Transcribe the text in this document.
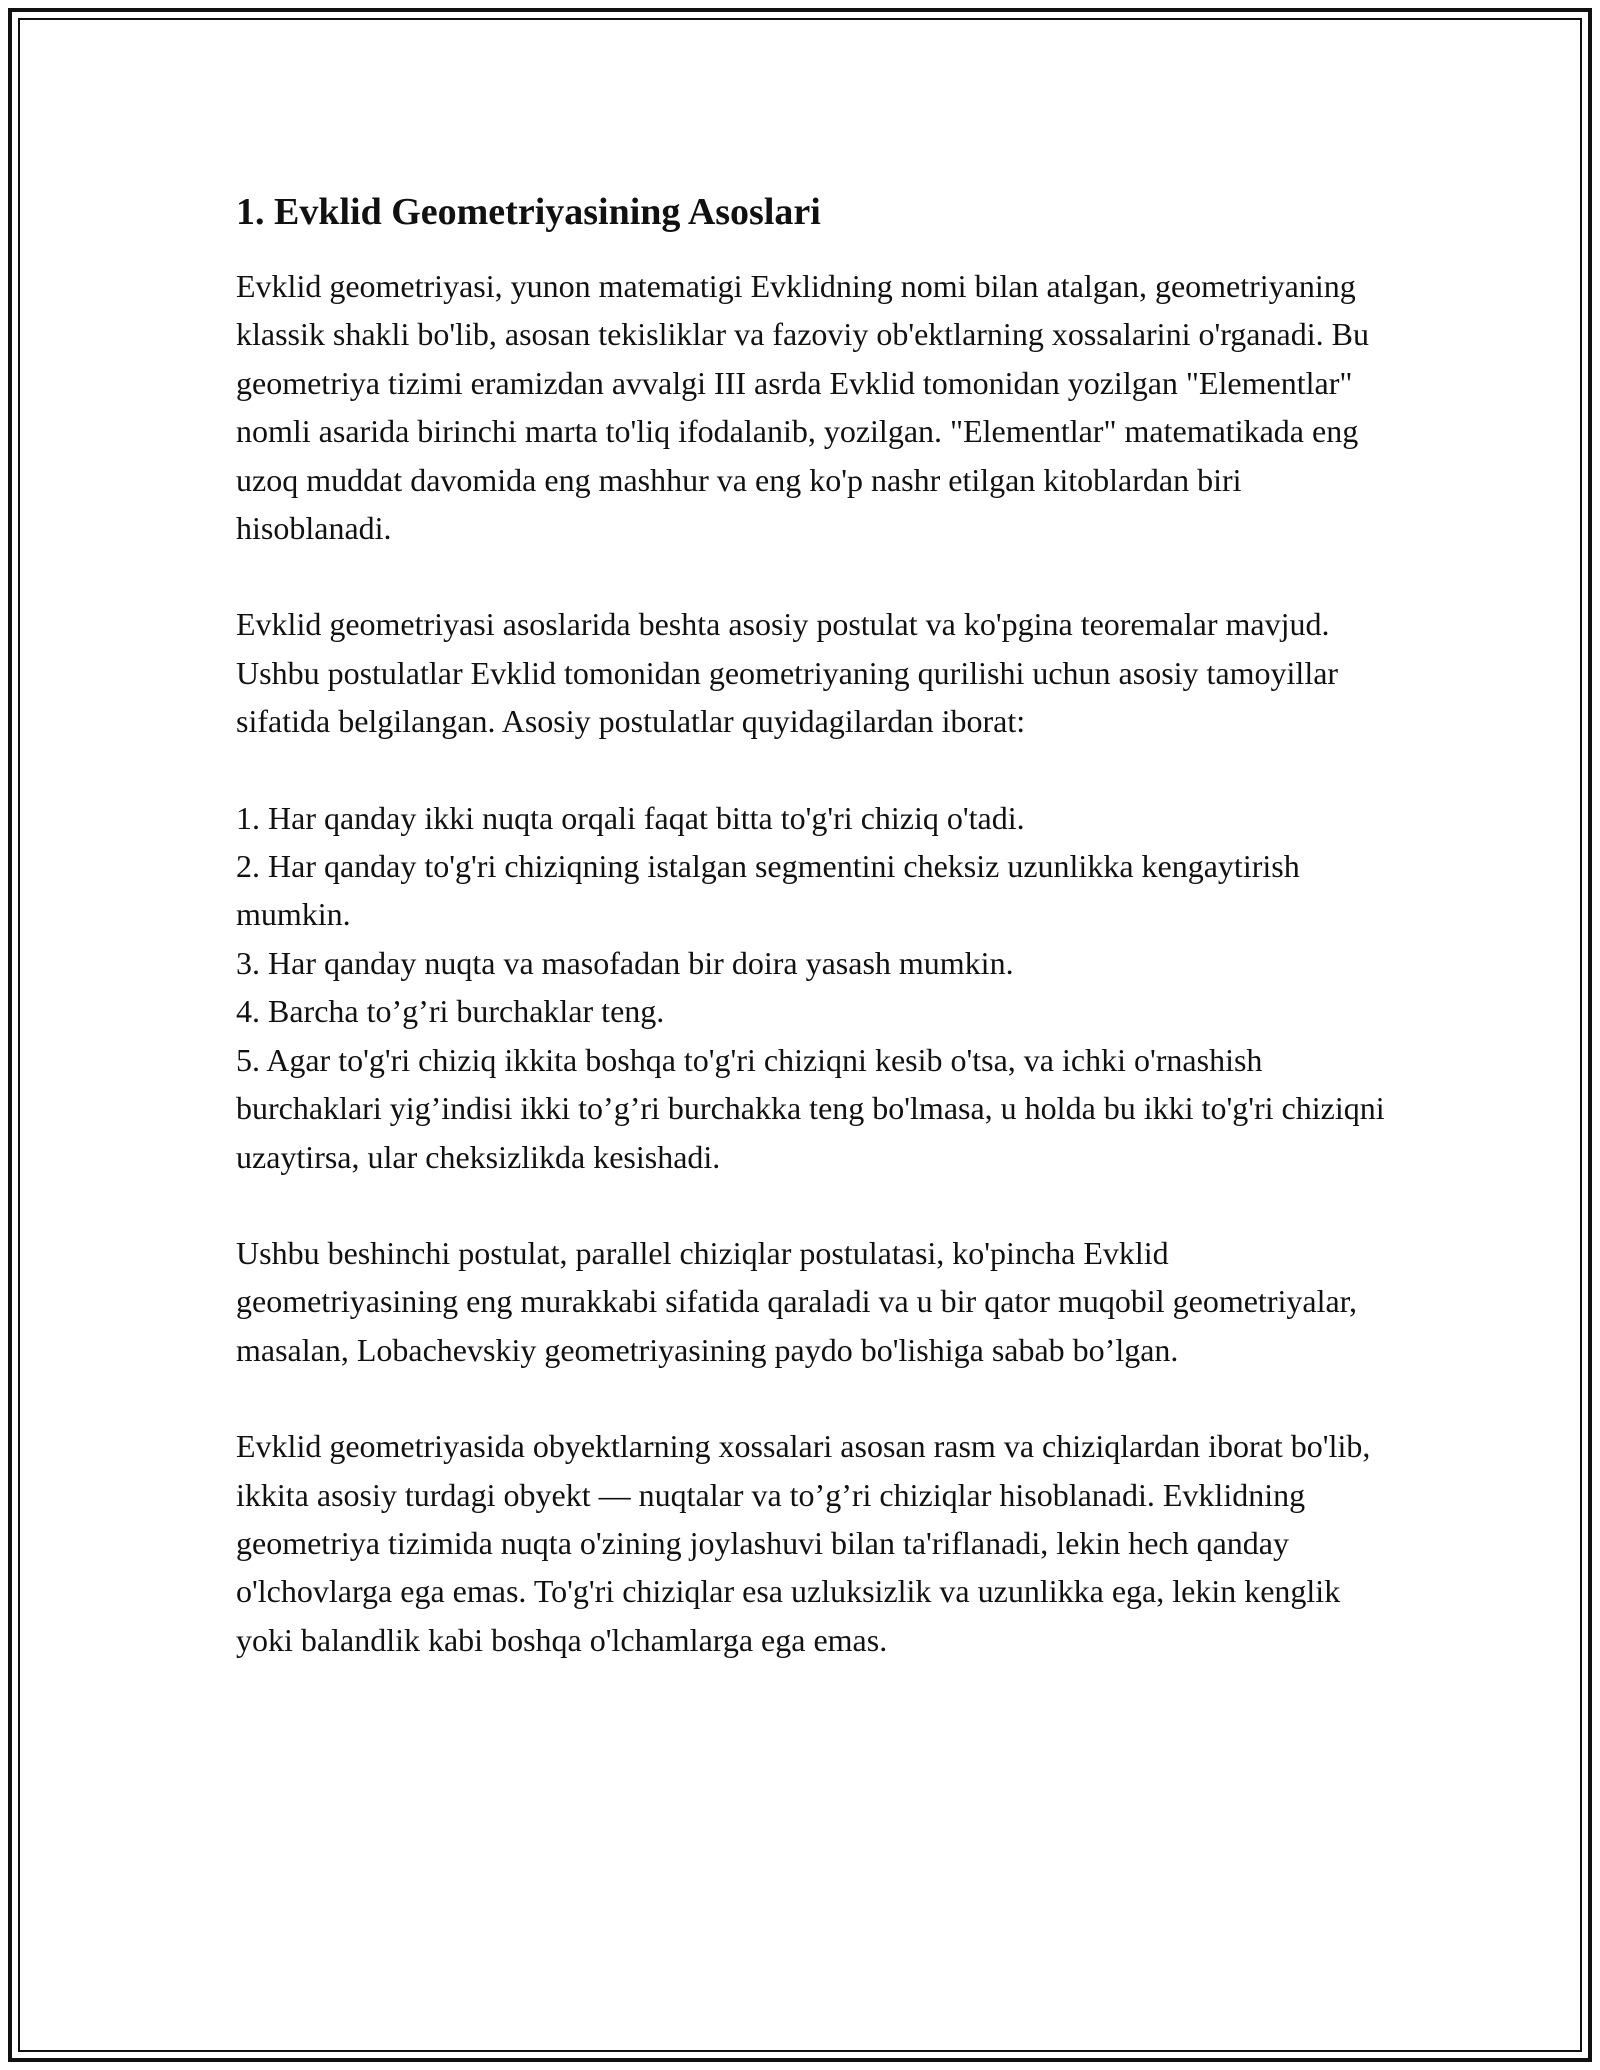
1. Evklid Geometriyasining Asoslari

Evklid geometriyasi, yunon matematigi Evklidning nomi bilan atalgan, geometriyaning klassik shakli bo'lib, asosan tekisliklar va fazoviy ob'ektlarning xossalarini o'rganadi. Bu geometriya tizimi eramizdan avvalgi III asrda Evklid tomonidan yozilgan "Elementlar" nomli asarida birinchi marta to'liq ifodalanib, yozilgan. "Elementlar" matematikada eng uzoq muddat davomida eng mashhur va eng ko'p nashr etilgan kitoblardan biri hisoblanadi.

Evklid geometriyasi asoslarida beshta asosiy postulat va ko'pgina teoremalar mavjud. Ushbu postulatlar Evklid tomonidan geometriyaning qurilishi uchun asosiy tamoyillar sifatida belgilangan. Asosiy postulatlar quyidagilardan iborat:

1. Har qanday ikki nuqta orqali faqat bitta to'g'ri chiziq o'tadi.
2. Har qanday to'g'ri chiziqning istalgan segmentini cheksiz uzunlikka kengaytirish mumkin.
3. Har qanday nuqta va masofadan bir doira yasash mumkin.
4. Barcha to’g’ri burchaklar teng.
5. Agar to'g'ri chiziq ikkita boshqa to'g'ri chiziqni kesib o'tsa, va ichki o'rnashish burchaklari yig’indisi ikki to’g’ri burchakka teng bo'lmasa, u holda bu ikki to'g'ri chiziqni uzaytirsa, ular cheksizlikda kesishadi.

Ushbu beshinchi postulat, parallel chiziqlar postulatasi, ko'pincha Evklid geometriyasining eng murakkabi sifatida qaraladi va u bir qator muqobil geometriyalar, masalan, Lobachevskiy geometriyasining paydo bo'lishiga sabab bo’lgan.

Evklid geometriyasida obyektlarning xossalari asosan rasm va chiziqlardan iborat bo'lib, ikkita asosiy turdagi obyekt — nuqtalar va to’g’ri chiziqlar hisoblanadi. Evklidning geometriya tizimida nuqta o'zining joylashuvi bilan ta'riflanadi, lekin hech qanday o'lchovlarga ega emas. To'g'ri chiziqlar esa uzluksizlik va uzunlikka ega, lekin kenglik yoki balandlik kabi boshqa o'lchamlarga ega emas.
